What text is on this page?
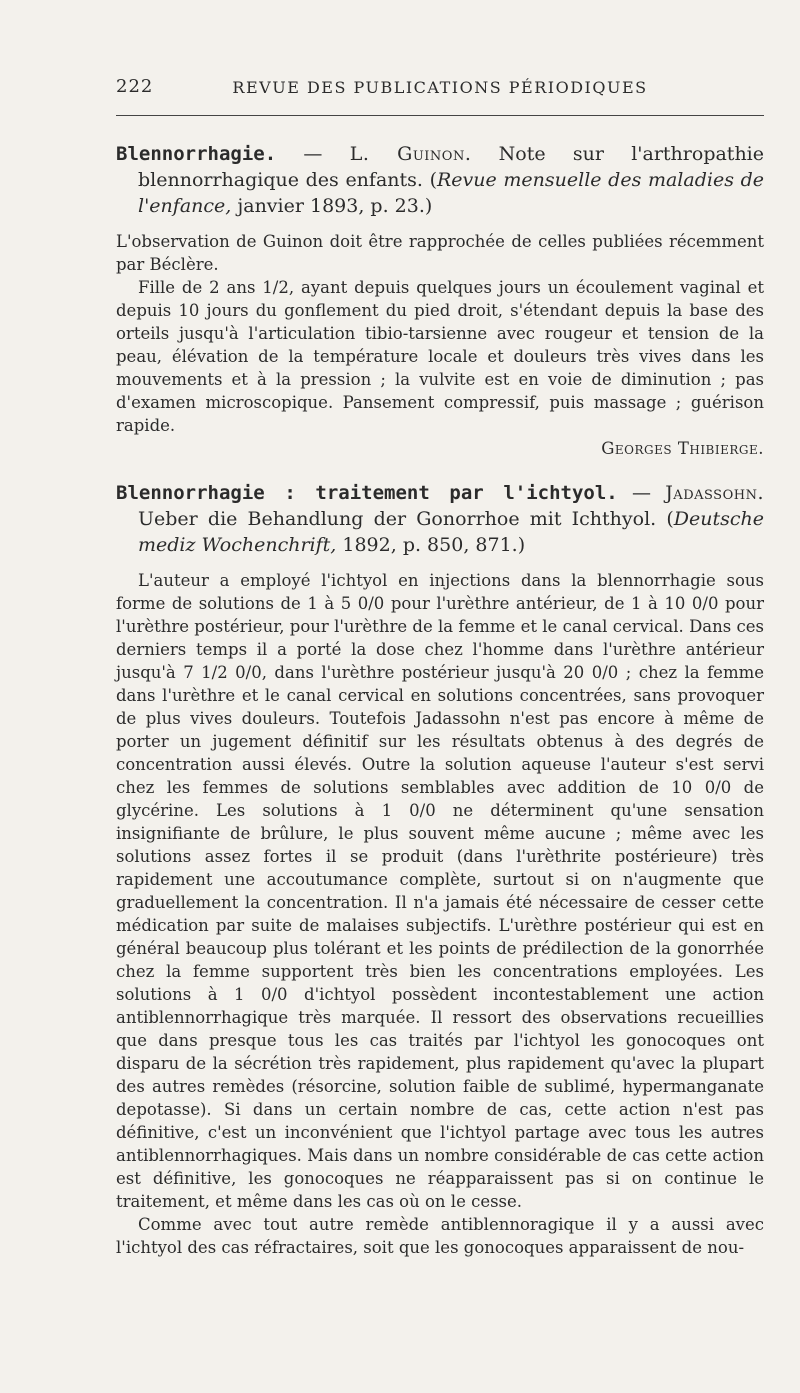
222	REVUE DES PUBLICATIONS PÉRIODIQUES

Blennorrhagie. — L. Guinon. Note sur l'arthropathie blennorrhagique des enfants. (Revue mensuelle des maladies de l'enfance, janvier 1893, p. 23.)

L'observation de Guinon doit être rapprochée de celles publiées récemment par Béclère.

Fille de 2 ans 1/2, ayant depuis quelques jours un écoulement vaginal et depuis 10 jours du gonflement du pied droit, s'étendant depuis la base des orteils jusqu'à l'articulation tibio-tarsienne avec rougeur et tension de la peau, élévation de la température locale et douleurs très vives dans les mouvements et à la pression ; la vulvite est en voie de diminution ; pas d'examen microscopique. Pansement compressif, puis massage ; guérison rapide.

Georges Thibierge.

Blennorrhagie : traitement par l'ichtyol. — Jadassohn. Ueber die Behandlung der Gonorrhoe mit Ichthyol. (Deutsche mediz Wochenchrift, 1892, p. 850, 871.)

L'auteur a employé l'ichtyol en injections dans la blennorrhagie sous forme de solutions de 1 à 5 0/0 pour l'urèthre antérieur, de 1 à 10 0/0 pour l'urèthre postérieur, pour l'urèthre de la femme et le canal cervical. Dans ces derniers temps il a porté la dose chez l'homme dans l'urèthre antérieur jusqu'à 7 1/2 0/0, dans l'urèthre postérieur jusqu'à 20 0/0 ; chez la femme dans l'urèthre et le canal cervical en solutions concentrées, sans provoquer de plus vives douleurs. Toutefois Jadassohn n'est pas encore à même de porter un jugement définitif sur les résultats obtenus à des degrés de concentration aussi élevés. Outre la solution aqueuse l'auteur s'est servi chez les femmes de solutions semblables avec addition de 10 0/0 de glycérine. Les solutions à 1 0/0 ne déterminent qu'une sensation insignifiante de brûlure, le plus souvent même aucune ; même avec les solutions assez fortes il se produit (dans l'urèthrite postérieure) très rapidement une accoutumance complète, surtout si on n'augmente que graduellement la concentration. Il n'a jamais été nécessaire de cesser cette médication par suite de malaises subjectifs. L'urèthre postérieur qui est en général beaucoup plus tolérant et les points de prédilection de la gonorrhée chez la femme supportent très bien les concentrations employées. Les solutions à 1 0/0 d'ichtyol possèdent incontestablement une action antiblennorrhagique très marquée. Il ressort des observations recueillies que dans presque tous les cas traités par l'ichtyol les gonocoques ont disparu de la sécrétion très rapidement, plus rapidement qu'avec la plupart des autres remèdes (résorcine, solution faible de sublimé, hypermanganate depotasse). Si dans un certain nombre de cas, cette action n'est pas définitive, c'est un inconvénient que l'ichtyol partage avec tous les autres antiblennorrhagiques. Mais dans un nombre considérable de cas cette action est définitive, les gonocoques ne réapparaissent pas si on continue le traitement, et même dans les cas où on le cesse.

Comme avec tout autre remède antiblennoragique il y a aussi avec l'ichtyol des cas réfractaires, soit que les gonocoques apparaissent de nou-
